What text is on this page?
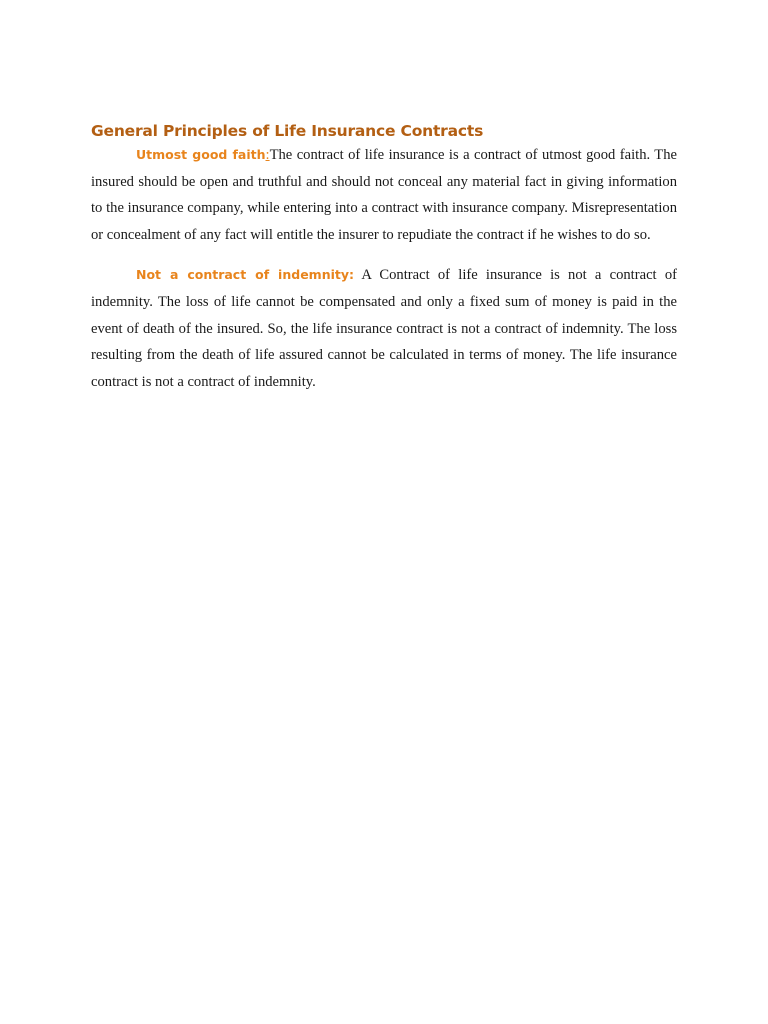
General Principles of Life Insurance Contracts

Utmost good faith:The contract of life insurance is a contract of utmost good faith. The insured should be open and truthful and should not conceal any material fact in giving information to the insurance company, while entering into a contract with insurance company. Misrepresentation or concealment of any fact will entitle the insurer to repudiate the contract if he wishes to do so.

Not a contract of indemnity: A Contract of life insurance is not a contract of indemnity. The loss of life cannot be compensated and only a fixed sum of money is paid in the event of death of the insured. So, the life insurance contract is not a contract of indemnity. The loss resulting from the death of life assured cannot be calculated in terms of money. The life insurance contract is not a contract of indemnity.
